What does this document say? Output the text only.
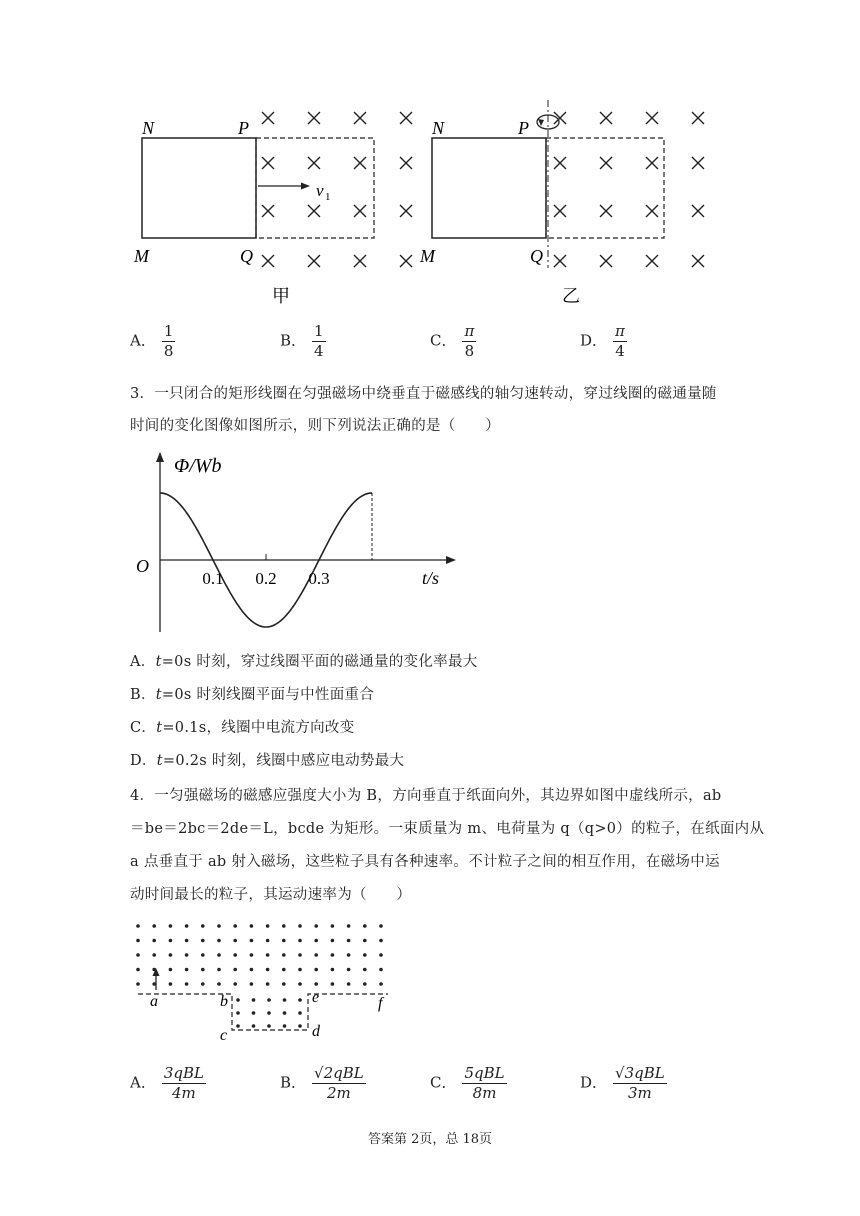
N	P
M	Q
v 1
甲
N	P
M	Q
乙
A． $\frac{1}{8}$	B． $\frac{1}{4}$	C． $\frac{\pi}{8}$	D． $\frac{\pi}{4}$
3．一只闭合的矩形线圈在匀强磁场中绕垂直于磁感线的轴匀速转动，穿过线圈的磁通量随
时间的变化图像如图所示，则下列说法正确的是（　　）
Φ/Wb
O
0.1 0.2 0.3	t/s
A．t=0s 时刻，穿过线圈平面的磁通量的变化率最大
B．t=0s 时刻线圈平面与中性面重合
C．t=0.1s，线圈中电流方向改变
D．t=0.2s 时刻，线圈中感应电动势最大
4．一匀强磁场的磁感应强度大小为 B，方向垂直于纸面向外，其边界如图中虚线所示，ab
＝be＝2bc＝2de＝L，bcde 为矩形。一束质量为 m、电荷量为 q（q>0）的粒子，在纸面内从
a 点垂直于 ab 射入磁场，这些粒子具有各种速率。不计粒子之间的相互作用，在磁场中运
动时间最长的粒子，其运动速率为（　　）
a	b
c	d
e	f
A． $\frac{\text{3qBL}}{4m}$	B． $\frac{\text{√2qBL}}{2m}$	C． $\frac{\text{5qBL}}{8m}$	D． $\frac{\text{√3qBL}}{3m}$
答案第 2页，总 18页
